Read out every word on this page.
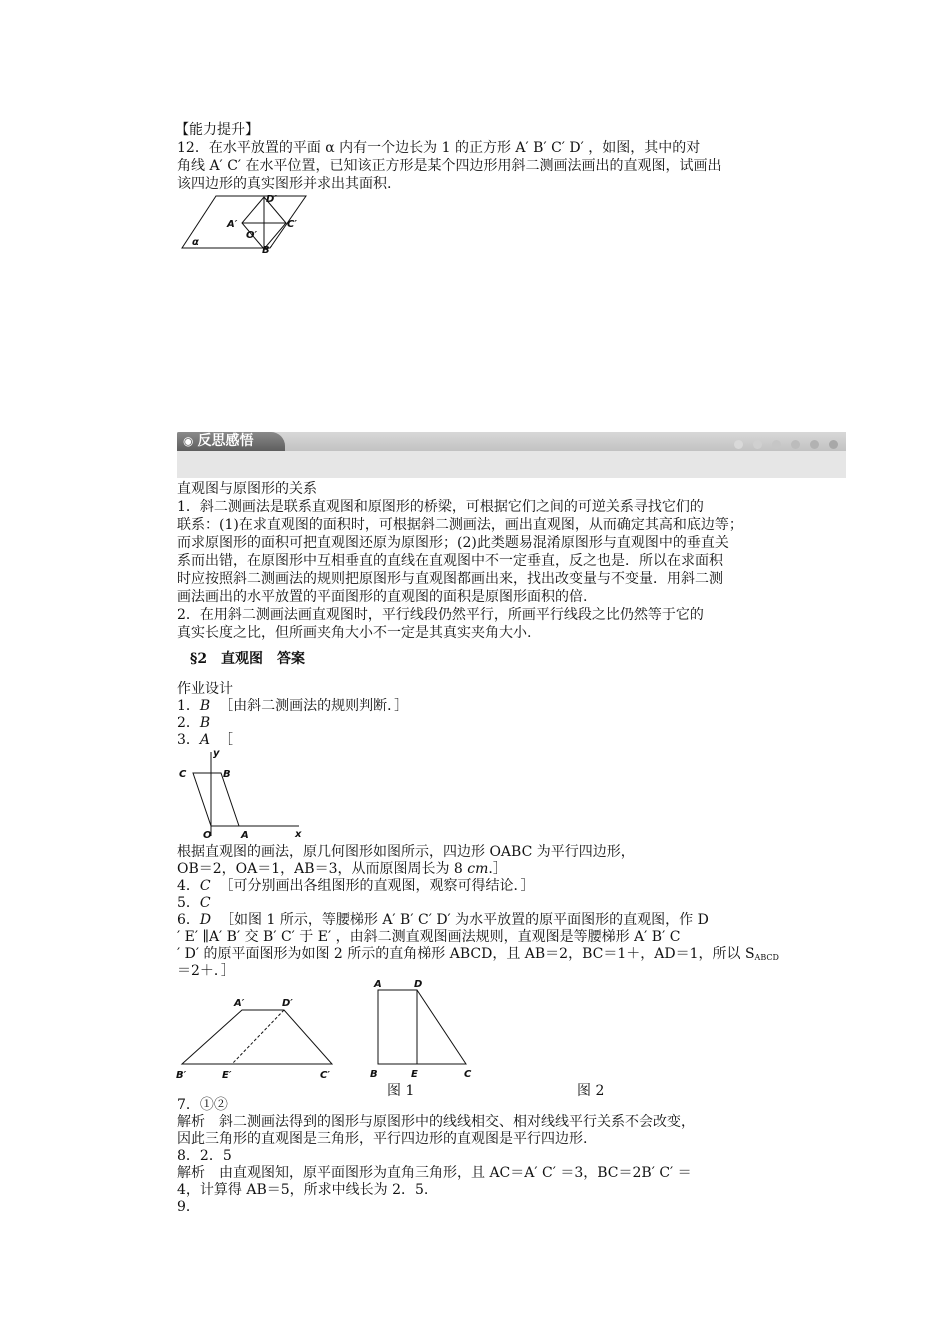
【能力提升】
12．在水平放置的平面 α 内有一个边长为 1 的正方形 A′ B′ C′ D′ ，如图，其中的对
角线 A′ C′ 在水平位置，已知该正方形是某个四边形用斜二测画法画出的直观图，试画出
该四边形的真实图形并求出其面积.
D′
A′
O′
C′
B′
α
◉ 反思感悟
直观图与原图形的关系
1．斜二测画法是联系直观图和原图形的桥梁，可根据它们之间的可逆关系寻找它们的
联系：(1)在求直观图的面积时，可根据斜二测画法，画出直观图，从而确定其高和底边等；
而求原图形的面积可把直观图还原为原图形；(2)此类题易混淆原图形与直观图中的垂直关
系而出错，在原图形中互相垂直的直线在直观图中不一定垂直，反之也是．所以在求面积
时应按照斜二测画法的规则把原图形与直观图都画出来，找出改变量与不变量．用斜二测
画法画出的水平放置的平面图形的直观图的面积是原图形面积的倍.
2．在用斜二测画法画直观图时，平行线段仍然平行，所画平行线段之比仍然等于它的
真实长度之比，但所画夹角大小不一定是其真实夹角大小.
§2　直观图　答案
作业设计
1．B ［由斜二测画法的规则判断．］
2．B
3．A ［
y
C	B
O	A	x
根据直观图的画法，原几何图形如图所示，四边形 OABC 为平行四边形，
OB＝2，OA＝1，AB＝3，从而原图周长为 8 cm.］
4．C ［可分别画出各组图形的直观图，观察可得结论．］
5．C
6．D ［如图 1 所示，等腰梯形 A′ B′ C′ D′ 为水平放置的原平面图形的直观图，作 D
′ E′ ∥A′ B′ 交 B′ C′ 于 E′ ，由斜二测直观图画法规则，直观图是等腰梯形 A′ B′ C
′ D′ 的原平面图形为如图 2 所示的直角梯形 ABCD，且 AB＝2，BC＝1＋，AD＝1，所以 $S_{ABCD}$
＝2＋．］
A′	D′
B′	E′	C′
A	D
B	E	C
图 1	图 2
7．①②
解析　斜二测画法得到的图形与原图形中的线线相交、相对线线平行关系不会改变，
因此三角形的直观图是三角形，平行四边形的直观图是平行四边形.
8．2．5
解析　由直观图知，原平面图形为直角三角形，且 AC＝A′ C′ ＝3，BC＝2B′ C′ ＝
4，计算得 AB＝5，所求中线长为 2．5.
9．
